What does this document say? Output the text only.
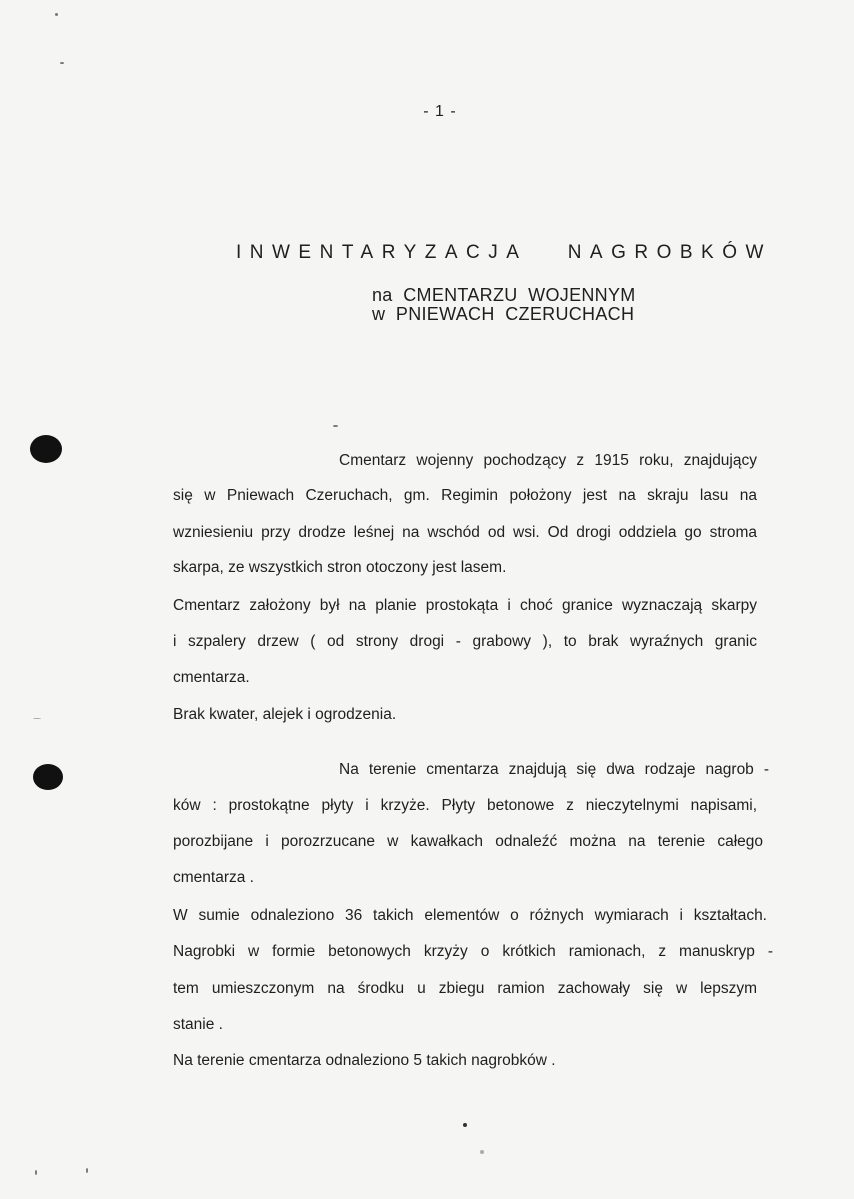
- 1 -
INWENTARYZACJA   NAGROBKÓW
na  CMENTARZU  WOJENNYM
w  PNIEWACH  CZERUCHACH
Cmentarz wojenny pochodzący z 1915 roku, znajdujący
się w Pniewach Czeruchach, gm. Regimin położony jest na skraju lasu na
wzniesieniu przy drodze leśnej na wschód od wsi. Od drogi oddziela go stroma
skarpa, ze wszystkich stron otoczony jest lasem.
Cmentarz założony był na planie prostokąta i choć granice wyznaczają skarpy
i szpalery drzew ( od strony drogi - grabowy ), to brak wyraźnych granic
cmentarza.
Brak kwater, alejek i ogrodzenia.
Na terenie cmentarza znajdują się dwa rodzaje nagrob -
ków : prostokątne płyty i krzyże. Płyty betonowe z nieczytelnymi napisami,
porozbijane i porozrzucane w kawałkach odnaleźć można na terenie całego
cmentarza .
W sumie odnaleziono 36 takich elementów o różnych wymiarach i kształtach.
Nagrobki w formie betonowych krzyży o krótkich ramionach, z manuskryp -
tem umieszczonym na środku u zbiegu ramion zachowały się w lepszym
stanie .
Na terenie cmentarza odnaleziono 5 takich nagrobków .
